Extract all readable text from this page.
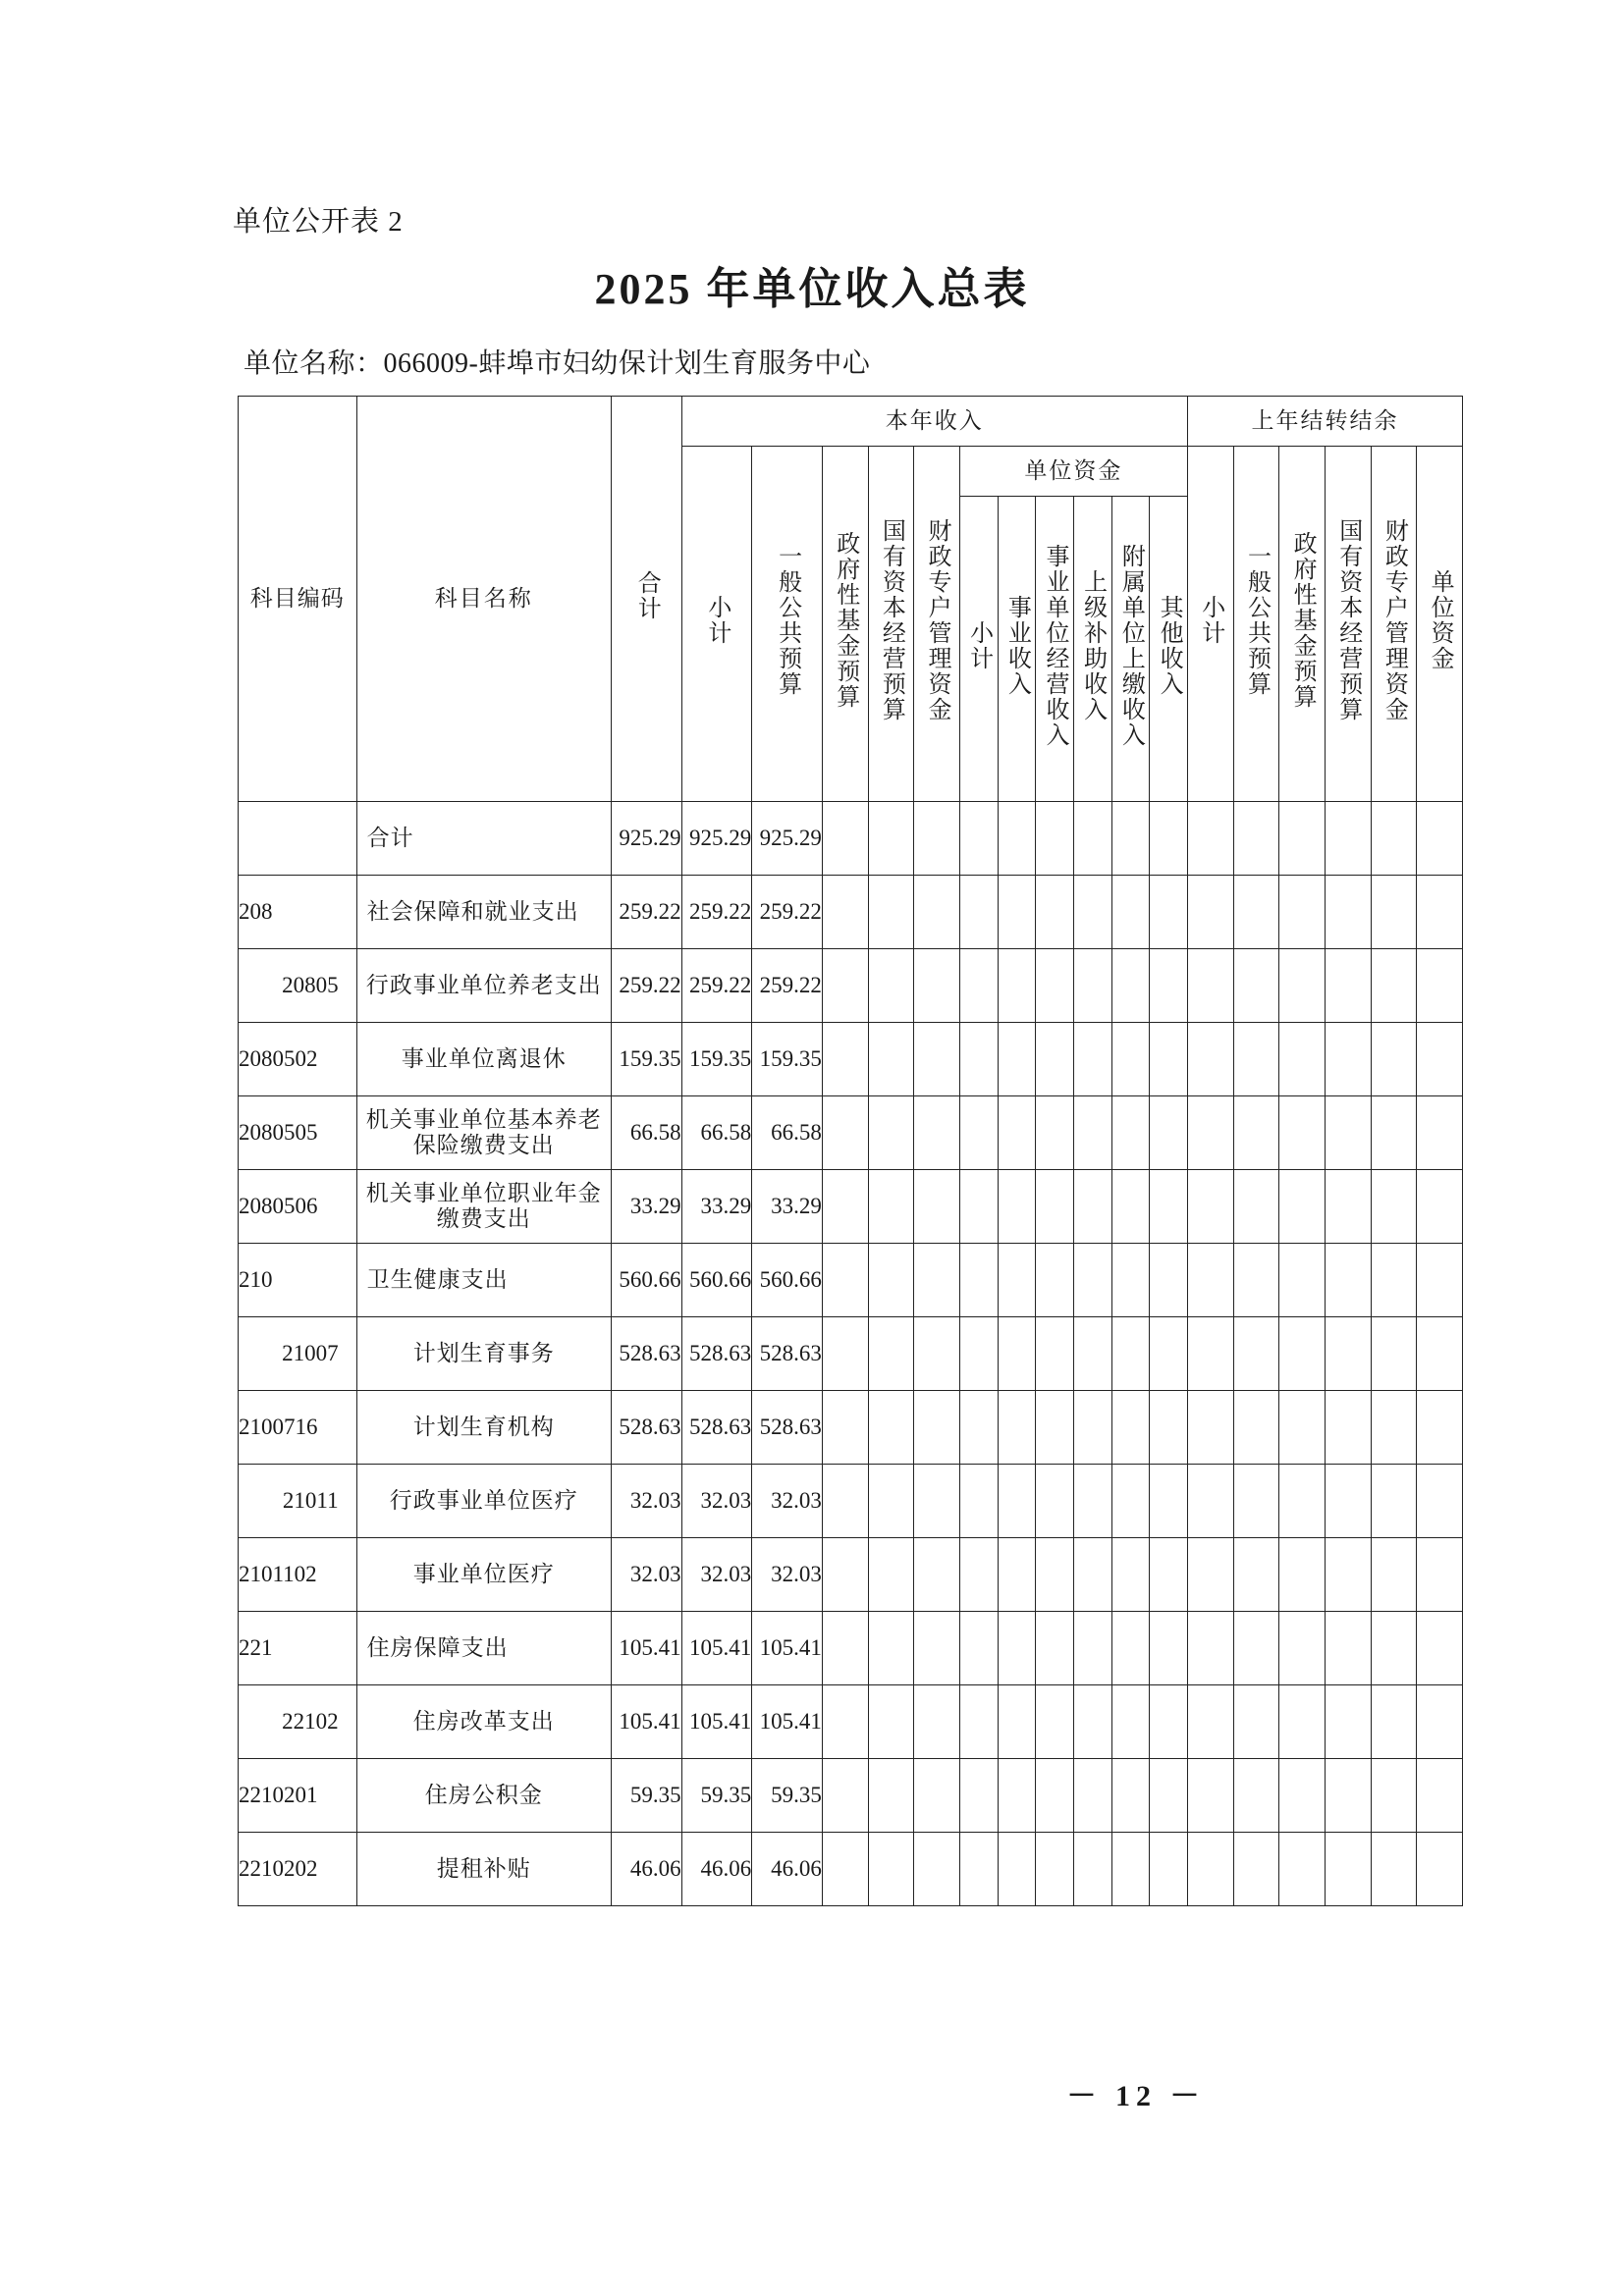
单位公开表 2
2025 年单位收入总表
单位名称：066009-蚌埠市妇幼保计划生育服务中心
科目编码	科目名称	合计	本年收入											上年结转结余					
			小计	一般公共预算	政府性基金预算	国有资本经营预算	财政专户管理资金	单位资金						小计	一般公共预算	政府性基金预算	国有资本经营预算	财政专户管理资金	单位资金
								小计	事业收入	事业单位经营收入	上级补助收入	附属单位上缴收入	其他收入						

	合计	925.29	925.29	925.29															
208	社会保障和就业支出	259.22	259.22	259.22															
20805	行政事业单位养老支出	259.22	259.22	259.22															
2080502	事业单位离退休	159.35	159.35	159.35															
2080505	机关事业单位基本养老保险缴费支出	66.58	66.58	66.58															
2080506	机关事业单位职业年金缴费支出	33.29	33.29	33.29															
210	卫生健康支出	560.66	560.66	560.66															
21007	计划生育事务	528.63	528.63	528.63															
2100716	计划生育机构	528.63	528.63	528.63															
21011	行政事业单位医疗	32.03	32.03	32.03															
2101102	事业单位医疗	32.03	32.03	32.03															
221	住房保障支出	105.41	105.41	105.41															
22102	住房改革支出	105.41	105.41	105.41															
2210201	住房公积金	59.35	59.35	59.35															
2210202	提租补贴	46.06	46.06	46.06															
－ 12 －
